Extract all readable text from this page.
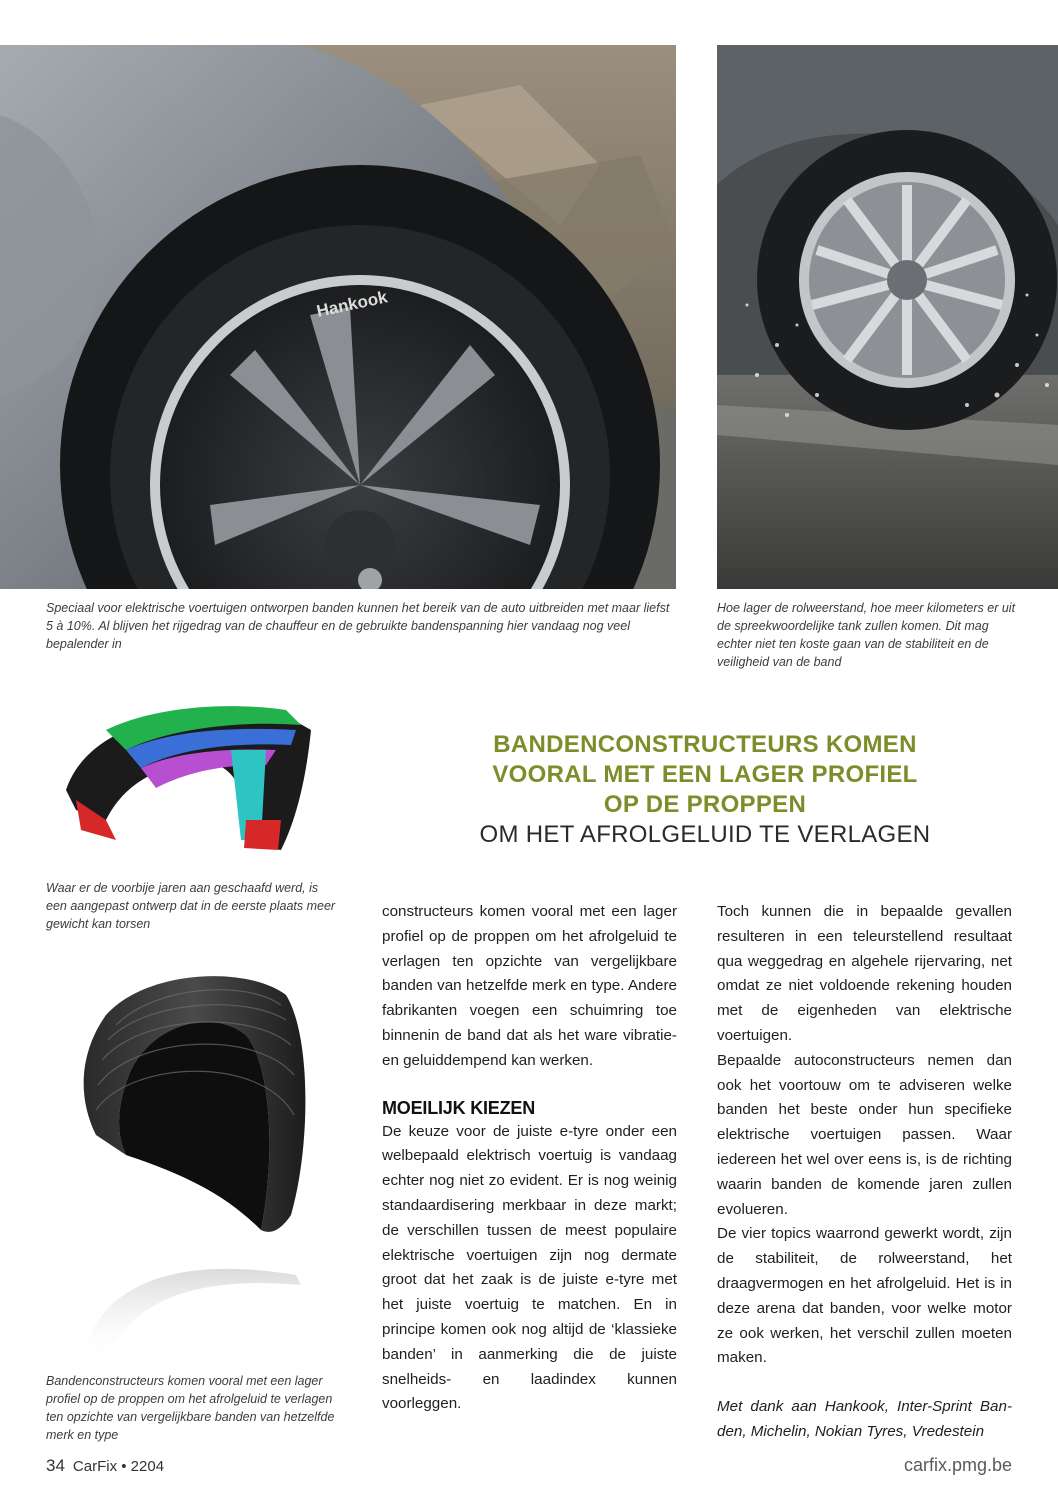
Hankook

Speciaal voor elektrische voertuigen ontworpen banden kunnen het bereik van de auto uitbreiden met maar liefst 5 à 10%. Al blijven het rijgedrag van de chauffeur en de gebruikte bandenspanning hier vandaag nog veel bepalender in

Hoe lager de rolweerstand, hoe meer kilometers er uit de spreekwoordelijke tank zullen komen. Dit mag echter niet ten koste gaan van de stabiliteit en de veiligheid van de band

Waar er de voorbije jaren aan geschaafd werd, is een aangepast ontwerp dat in de eerste plaats meer gewicht kan torsen

Bandenconstructeurs komen vooral met een lager profiel op de proppen om het afrolgeluid te verlagen ten opzichte van vergelijkbare banden van hetzelfde merk en type

BANDENCONSTRUCTEURS KOMEN
VOORAL MET EEN LAGER PROFIEL
OP DE PROPPEN

OM HET AFROLGELUID TE VERLAGEN

constructeurs komen vooral met een lager profiel op de proppen om het afrolgeluid te verlagen ten opzichte van vergelijkbare banden van hetzelfde merk en type. Andere fabrikanten voegen een schuimring toe binnenin de band dat als het ware vibratie- en geluiddempend kan werken.

MOEILIJK KIEZEN

De keuze voor de juiste e-tyre onder een welbepaald elektrisch voertuig is vandaag echter nog niet zo evident. Er is nog weinig standaardisering merkbaar in deze markt; de verschillen tussen de meest populaire elektrische voertuigen zijn nog dermate groot dat het zaak is de juiste e-tyre met het juiste voertuig te matchen. En in principe komen ook nog altijd de ‘klassieke banden’ in aanmerking die de juiste snelheids- en laadindex kunnen voorleggen.

Toch kunnen die in bepaalde gevallen resulteren in een teleurstellend resultaat qua weggedrag en algehele rijervaring, net omdat ze niet voldoende rekening houden met de eigenheden van elektrische voertuigen.

Bepaalde autoconstructeurs nemen dan ook het voortouw om te adviseren welke banden het beste onder hun specifieke elektrische voertuigen passen. Waar iedereen het wel over eens is, is de richting waarin banden de komende jaren zullen evolueren.

De vier topics waarrond gewerkt wordt, zijn de stabiliteit, de rolweerstand, het draagvermogen en het afrolgeluid. Het is in deze arena dat banden, voor welke motor ze ook werken, het verschil zullen moeten maken.

Met dank aan Hankook, Inter-Sprint Banden, Michelin, Nokian Tyres, Vredestein

34 CarFix • 2204	carfix.pmg.be
